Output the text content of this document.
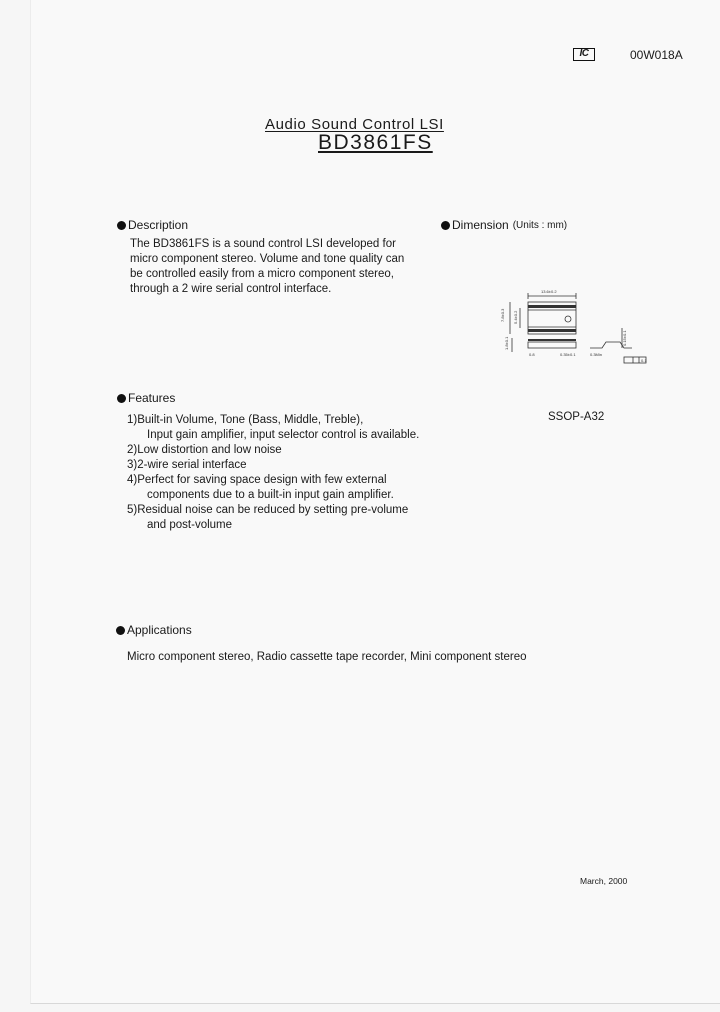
IC	00W018A
Audio Sound Control LSI
BD3861FS
Description

The BD3861FS is a sound control LSI developed for

micro component stereo. Volume and tone quality can

be controlled easily from a micro component stereo,

through a 2 wire serial control interface.

Dimension (Units : mm)
13.6±0.2
7.8±0.3 5.4±0.2
1.8±0.1
0.8	0.35±0.1	0.3Min
0.15±0.1
0.1
SSOP-A32
Features

1)Built-in Volume, Tone (Bass, Middle, Treble),

Input gain amplifier, input selector control is available.

2)Low distortion and low noise

3)2-wire serial interface

4)Perfect for saving space design with few external

components due to a built-in input gain amplifier.

5)Residual noise can be reduced by setting pre-volume

and post-volume

Applications
Micro component stereo, Radio cassette tape recorder, Mini component stereo
March, 2000
